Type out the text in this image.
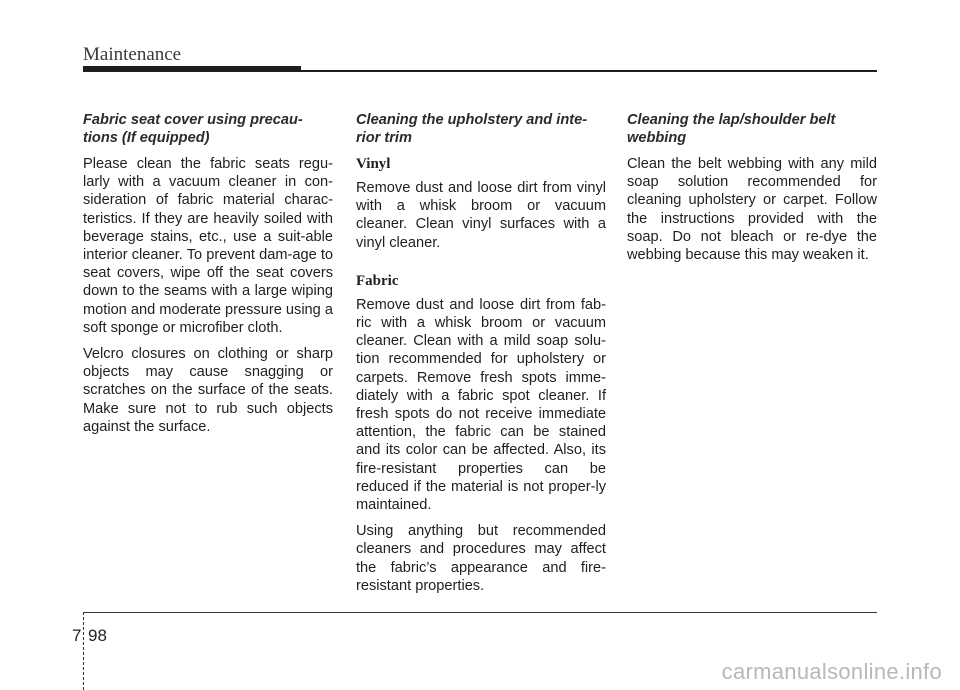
Maintenance

Fabric seat cover using precau-tions (If equipped)

Please clean the fabric seats regu-larly with a vacuum cleaner in con-sideration of fabric material charac-teristics. If they are heavily soiled with beverage stains, etc., use a suit-able interior cleaner. To prevent dam-age to seat covers, wipe off the seat covers down to the seams with a large wiping motion and moderate pressure using a soft sponge or microfiber cloth.

Velcro closures on clothing or sharp objects may cause snagging or scratches on the surface of the seats. Make sure not to rub such objects against the surface.

Cleaning the upholstery and inte-rior trim

Vinyl

Remove dust and loose dirt from vinyl with a whisk broom or vacuum cleaner. Clean vinyl surfaces with a vinyl cleaner.

Fabric

Remove dust and loose dirt from fab-ric with a whisk broom or vacuum cleaner. Clean with a mild soap solu-tion recommended for upholstery or carpets. Remove fresh spots imme-diately with a fabric spot cleaner. If fresh spots do not receive immediate attention, the fabric can be stained and its color can be affected. Also, its fire-resistant properties can be reduced if the material is not proper-ly maintained.

Using anything but recommended cleaners and procedures may affect the fabric’s appearance and fire-resistant properties.

Cleaning the lap/shoulder belt webbing

Clean the belt webbing with any mild soap solution recommended for cleaning upholstery or carpet. Follow the instructions provided with the soap. Do not bleach or re-dye the webbing because this may weaken it.

7 98
carmanualsonline.info
